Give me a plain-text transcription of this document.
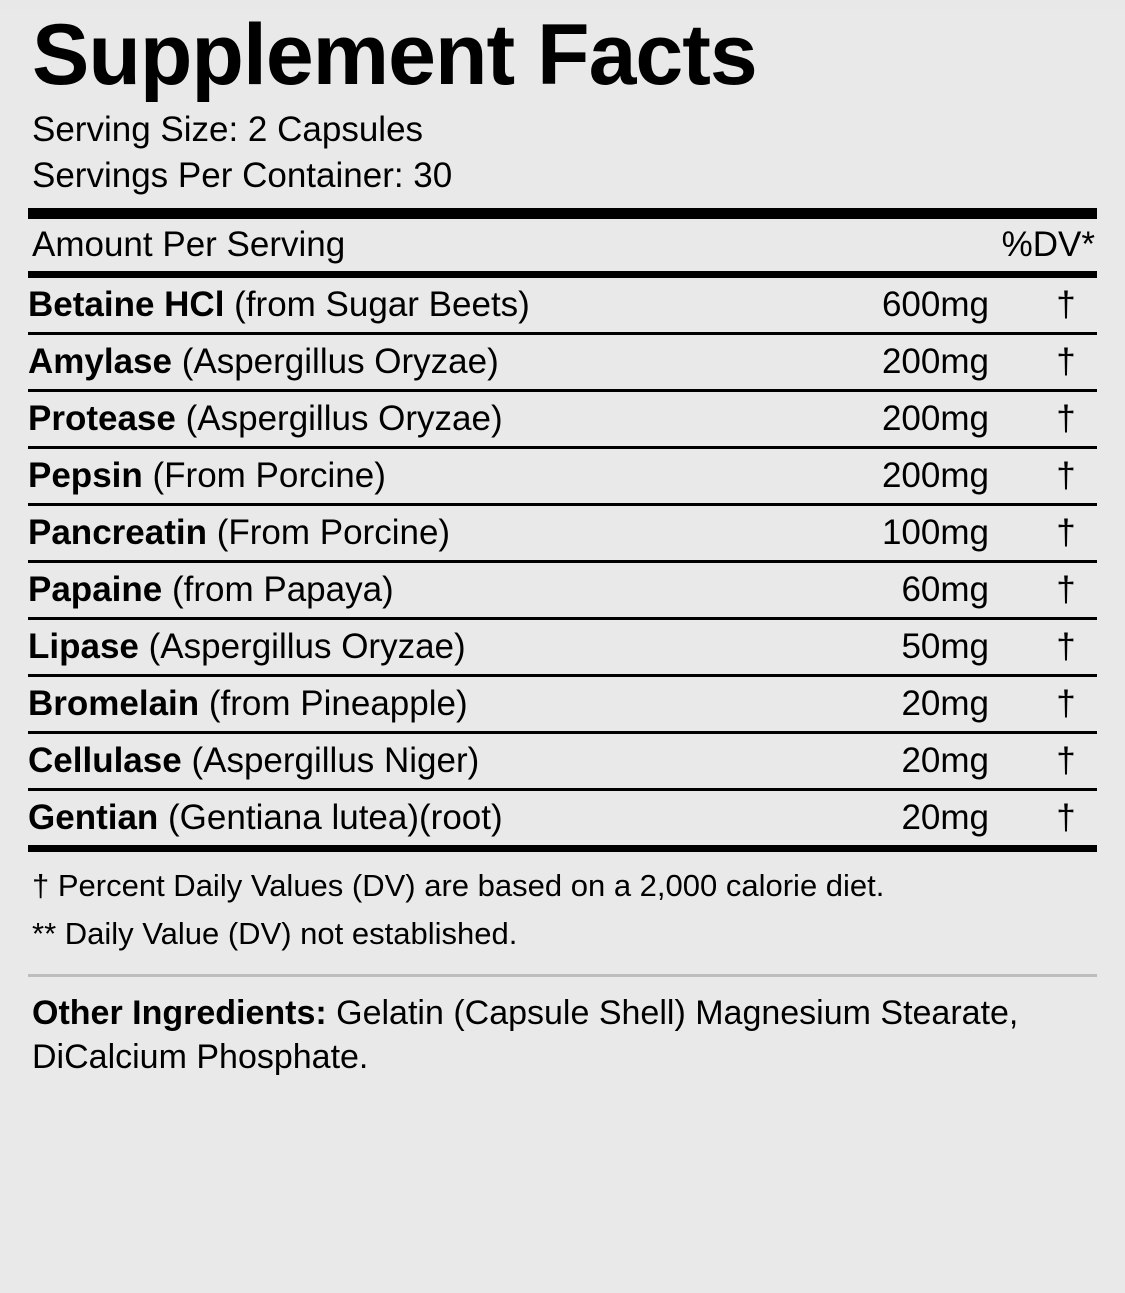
Supplement Facts
Serving Size: 2 Capsules
Servings Per Container: 30
Amount Per Serving	%DV*
Betaine HCl (from Sugar Beets)	600mg	†
Amylase (Aspergillus Oryzae)	200mg	†
Protease (Aspergillus Oryzae)	200mg	†
Pepsin (From Porcine)	200mg	†
Pancreatin (From Porcine)	100mg	†
Papaine (from Papaya)	60mg	†
Lipase (Aspergillus Oryzae)	50mg	†
Bromelain (from Pineapple)	20mg	†
Cellulase (Aspergillus Niger)	20mg	†
Gentian (Gentiana lutea)(root)	20mg	†
† Percent Daily Values (DV) are based on a 2,000 calorie diet.
** Daily Value (DV) not established.
Other Ingredients: Gelatin (Capsule Shell) Magnesium Stearate, DiCalcium Phosphate.
